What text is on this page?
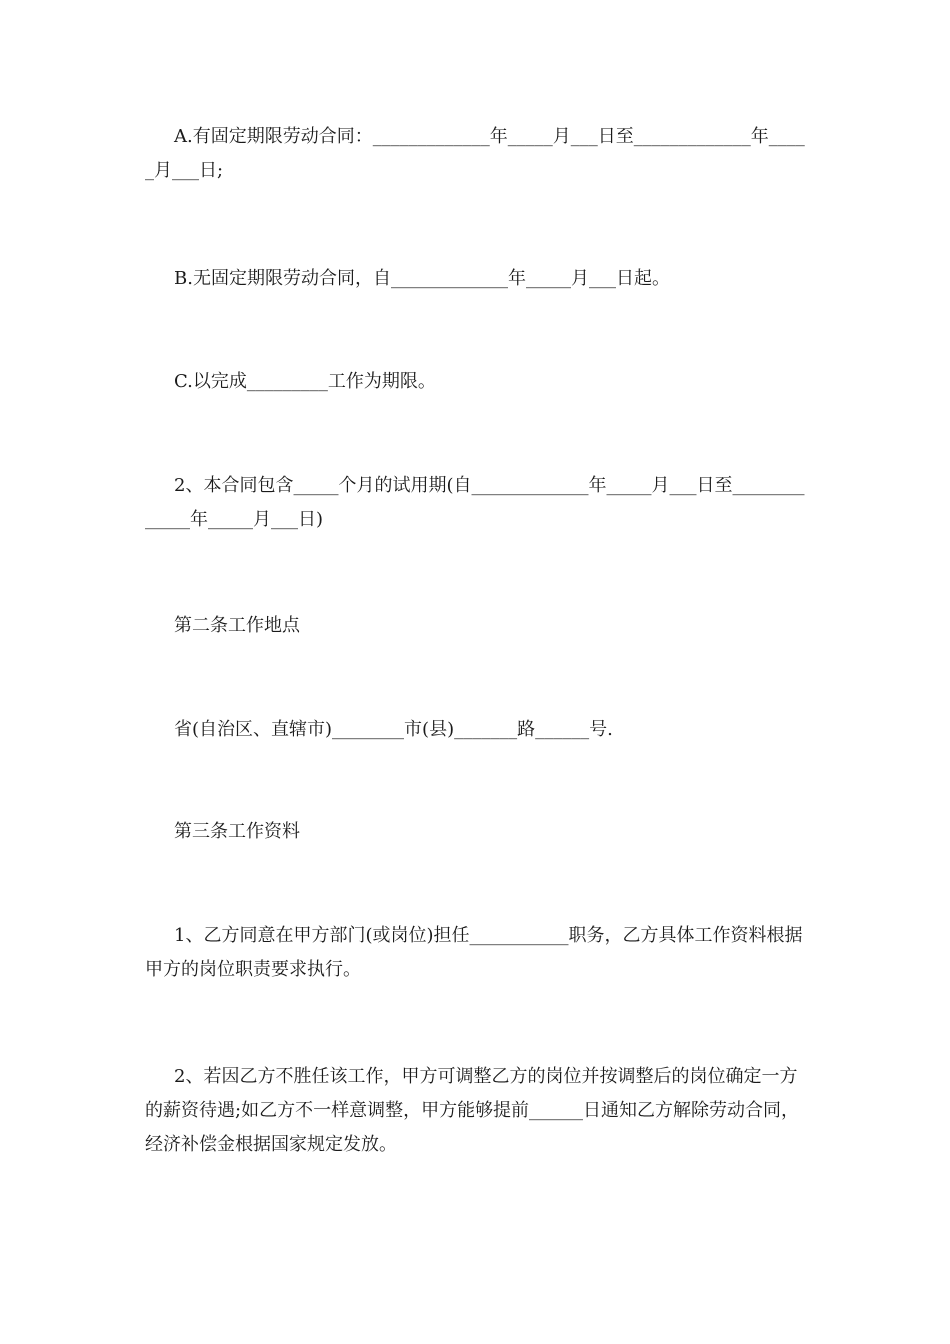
A.有固定期限劳动合同：_____________年_____月___日至_____________年_____月___日;

B.无固定期限劳动合同，自_____________年_____月___日起。

C.以完成_________工作为期限。

2、本合同包含_____个月的试用期(自_____________年_____月___日至_____________年_____月___日)

第二条工作地点

省(自治区、直辖市)________市(县)_______路______号.

第三条工作资料

1、乙方同意在甲方部门(或岗位)担任___________职务，乙方具体工作资料根据甲方的岗位职责要求执行。

2、若因乙方不胜任该工作，甲方可调整乙方的岗位并按调整后的岗位确定一方的薪资待遇;如乙方不一样意调整，甲方能够提前______日通知乙方解除劳动合同，经济补偿金根据国家规定发放。
